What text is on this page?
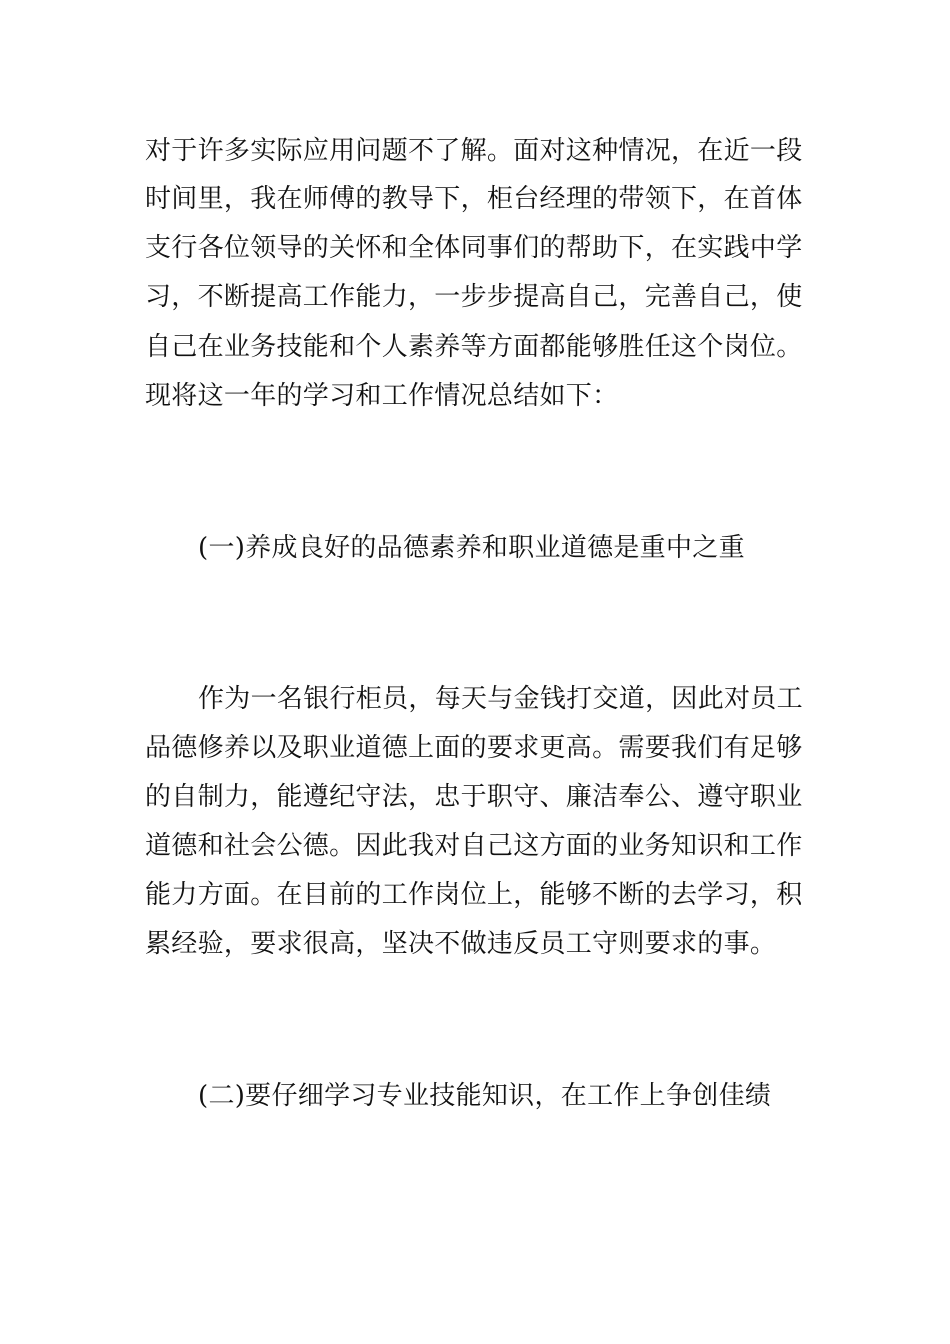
对于许多实际应用问题不了解。面对这种情况，在近一段
时间里，我在师傅的教导下，柜台经理的带领下，在首体
支行各位领导的关怀和全体同事们的帮助下，在实践中学
习，不断提高工作能力，一步步提高自己，完善自己，使
自己在业务技能和个人素养等方面都能够胜任这个岗位。
现将这一年的学习和工作情况总结如下：
(一)养成良好的品德素养和职业道德是重中之重
作为一名银行柜员，每天与金钱打交道，因此对员工
品德修养以及职业道德上面的要求更高。需要我们有足够
的自制力，能遵纪守法，忠于职守、廉洁奉公、遵守职业
道德和社会公德。因此我对自己这方面的业务知识和工作
能力方面。在目前的工作岗位上，能够不断的去学习，积
累经验，要求很高，坚决不做违反员工守则要求的事。
(二)要仔细学习专业技能知识，在工作上争创佳绩
